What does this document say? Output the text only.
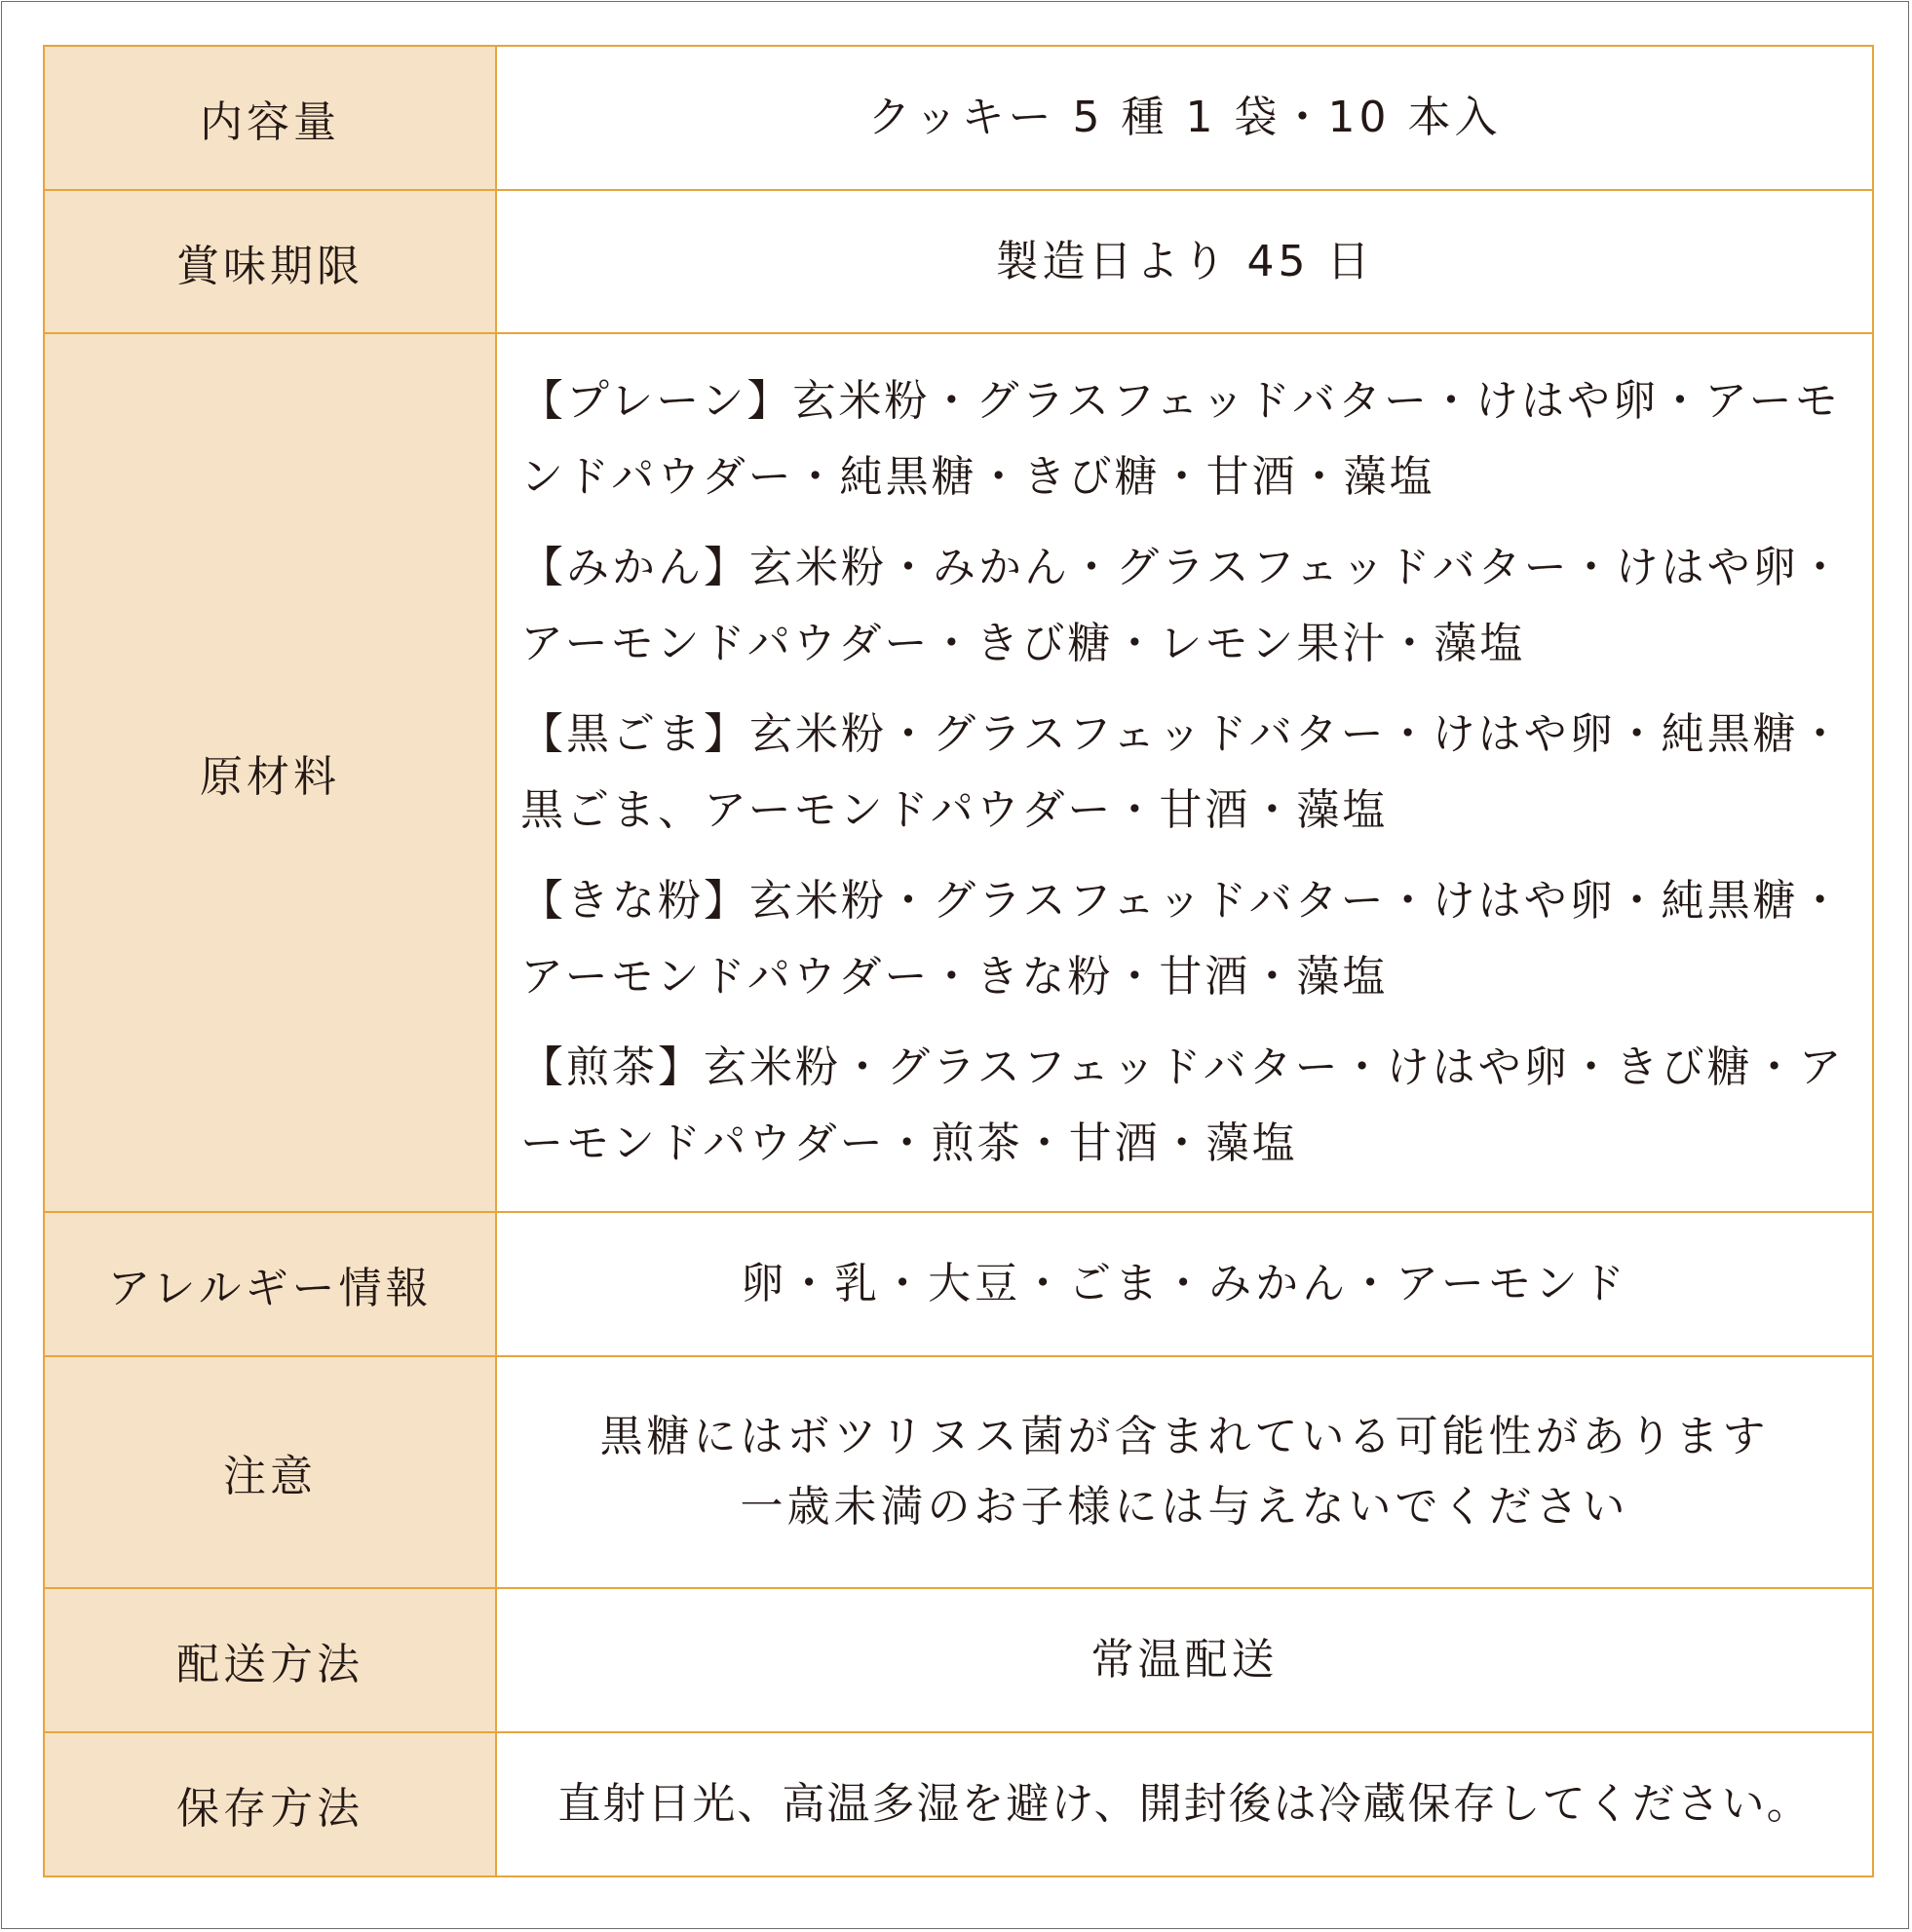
内容量	クッキー 5 種 1 袋・10 本入
賞味期限	製造日より 45 日
原材料	【プレーン】玄米粉・グラスフェッドバター・けはや卵・アーモンドパウダー・純黒糖・きび糖・甘酒・藻塩

【みかん】玄米粉・みかん・グラスフェッドバター・けはや卵・アーモンドパウダー・きび糖・レモン果汁・藻塩

【黒ごま】玄米粉・グラスフェッドバター・けはや卵・純黒糖・黒ごま、アーモンドパウダー・甘酒・藻塩

【きな粉】玄米粉・グラスフェッドバター・けはや卵・純黒糖・アーモンドパウダー・きな粉・甘酒・藻塩

【煎茶】玄米粉・グラスフェッドバター・けはや卵・きび糖・アーモンドパウダー・煎茶・甘酒・藻塩

アレルギー情報	卵・乳・大豆・ごま・みかん・アーモンド
注意	黒糖にはボツリヌス菌が含まれている可能性があります
一歳未満のお子様には与えないでください

配送方法	常温配送
保存方法	直射日光、高温多湿を避け、開封後は冷蔵保存してください。
